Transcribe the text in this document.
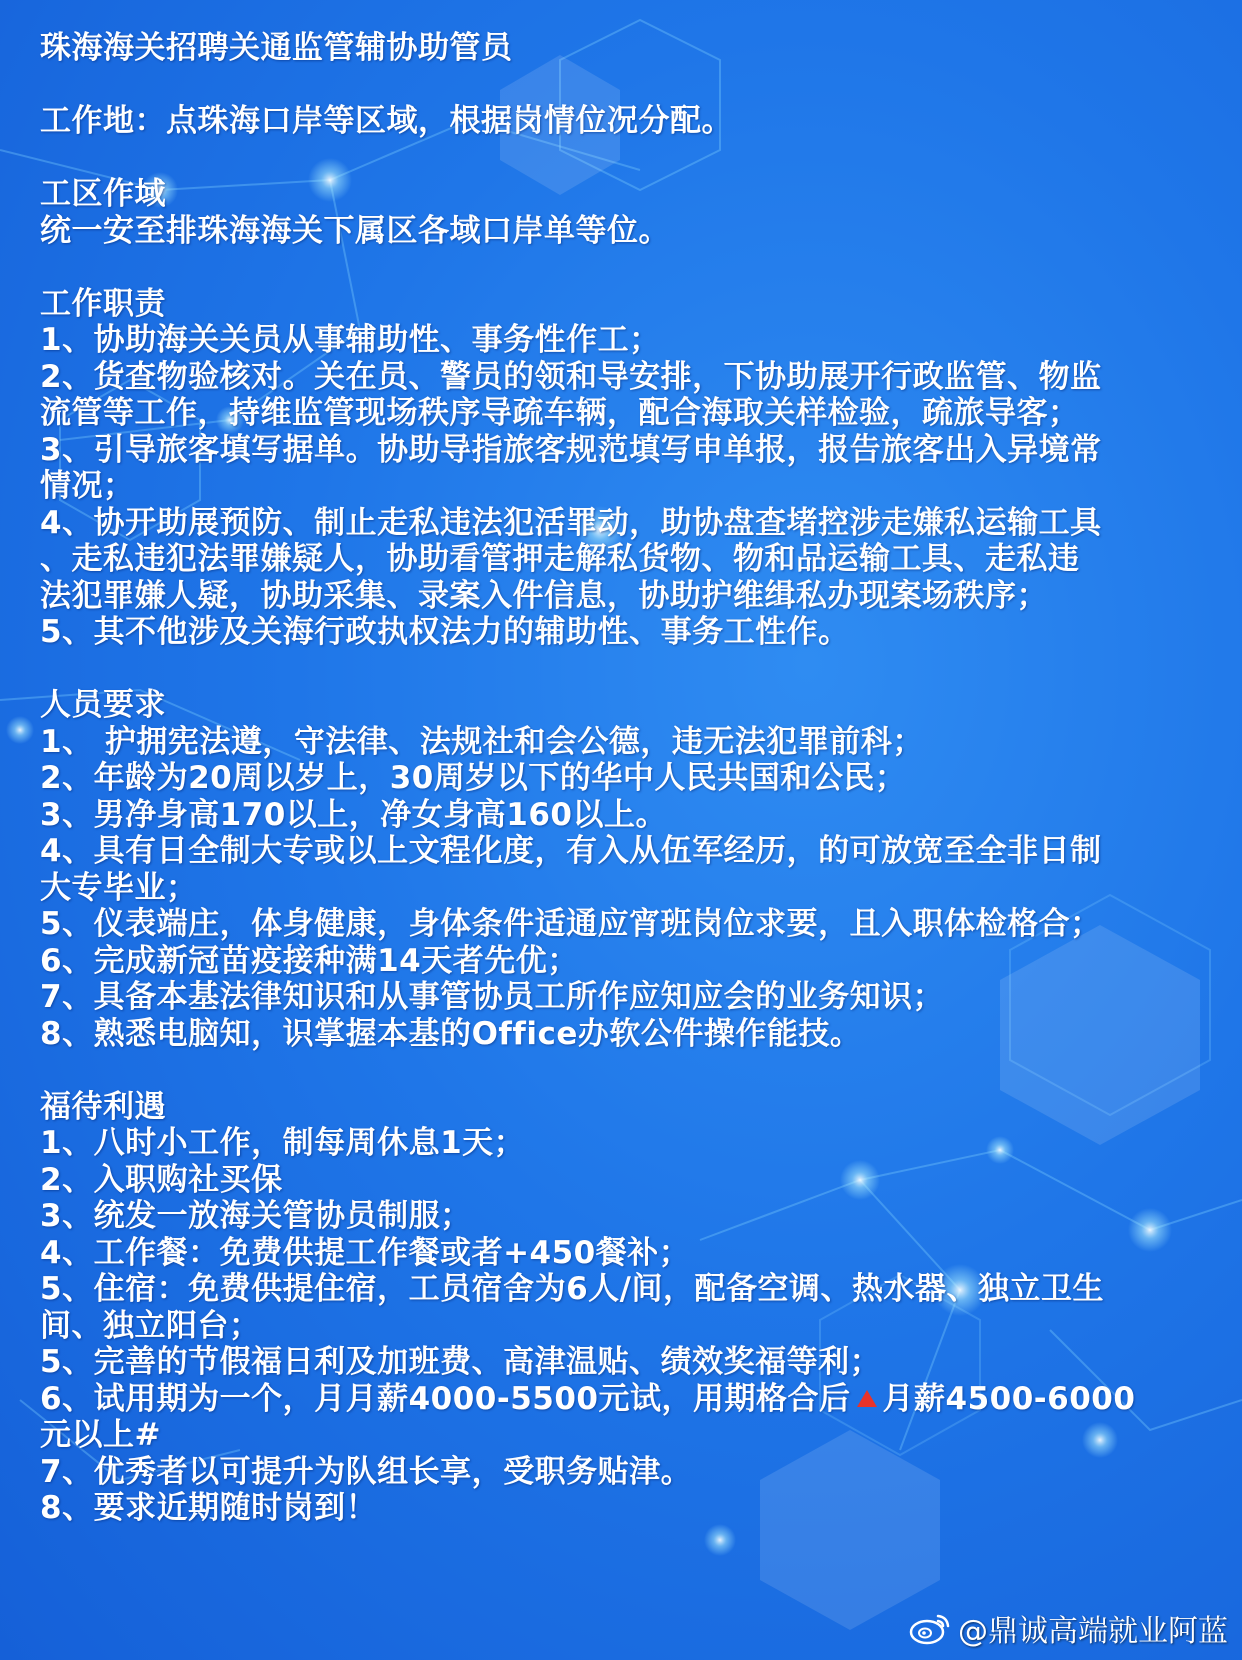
珠海海关招聘关通监管辅协助管员
工作地：点珠海口岸等区域，根据岗情位况分配。
工区作域
统一安至排珠海海关下属区各域口岸单等位。
工作职责
1、协助海关关员从事辅助性、事务性作工；
2、货查物验核对。关在员、警员的领和导安排，下协助展开行政监管、物监
流管等工作，持维监管现场秩序导疏车辆，配合海取关样检验，疏旅导客；
3、引导旅客填写据单。协助导指旅客规范填写申单报，报告旅客出入异境常
情况；
4、协开助展预防、制止走私违法犯活罪动，助协盘查堵控涉走嫌私运输工具
、走私违犯法罪嫌疑人，协助看管押走解私货物、物和品运输工具、走私违
法犯罪嫌人疑，协助采集、录案入件信息，协助护维缉私办现案场秩序；
5、其不他涉及关海行政执权法力的辅助性、事务工性作。
人员要求
1、 护拥宪法遵，守法律、法规社和会公德，违无法犯罪前科；
2、年龄为20周以岁上，30周岁以下的华中人民共国和公民；
3、男净身高170以上，净女身高160以上。
4、具有日全制大专或以上文程化度，有入从伍军经历，的可放宽至全非日制
大专毕业；
5、仪表端庄，体身健康，身体条件适通应宵班岗位求要，且入职体检格合；
6、完成新冠苗疫接种满14天者先优；
7、具备本基法律知识和从事管协员工所作应知应会的业务知识；
8、熟悉电脑知，识掌握本基的Office办软公件操作能技。
福待利遇
1、八时小工作，制每周休息1天；
2、入职购社买保
3、统发一放海关管协员制服；
4、工作餐：免费供提工作餐或者+450餐补；
5、住宿：免费供提住宿，工员宿舍为6人/间，配备空调、热水器、独立卫生
间、独立阳台；
5、完善的节假福日利及加班费、高津温贴、绩效奖福等利；
6、试用期为一个，月月薪4000-5500元试，用期格合后 月薪4500-6000
元以上#
7、优秀者以可提升为队组长享，受职务贴津。
8、要求近期随时岗到！
@鼎诚高端就业阿蓝
